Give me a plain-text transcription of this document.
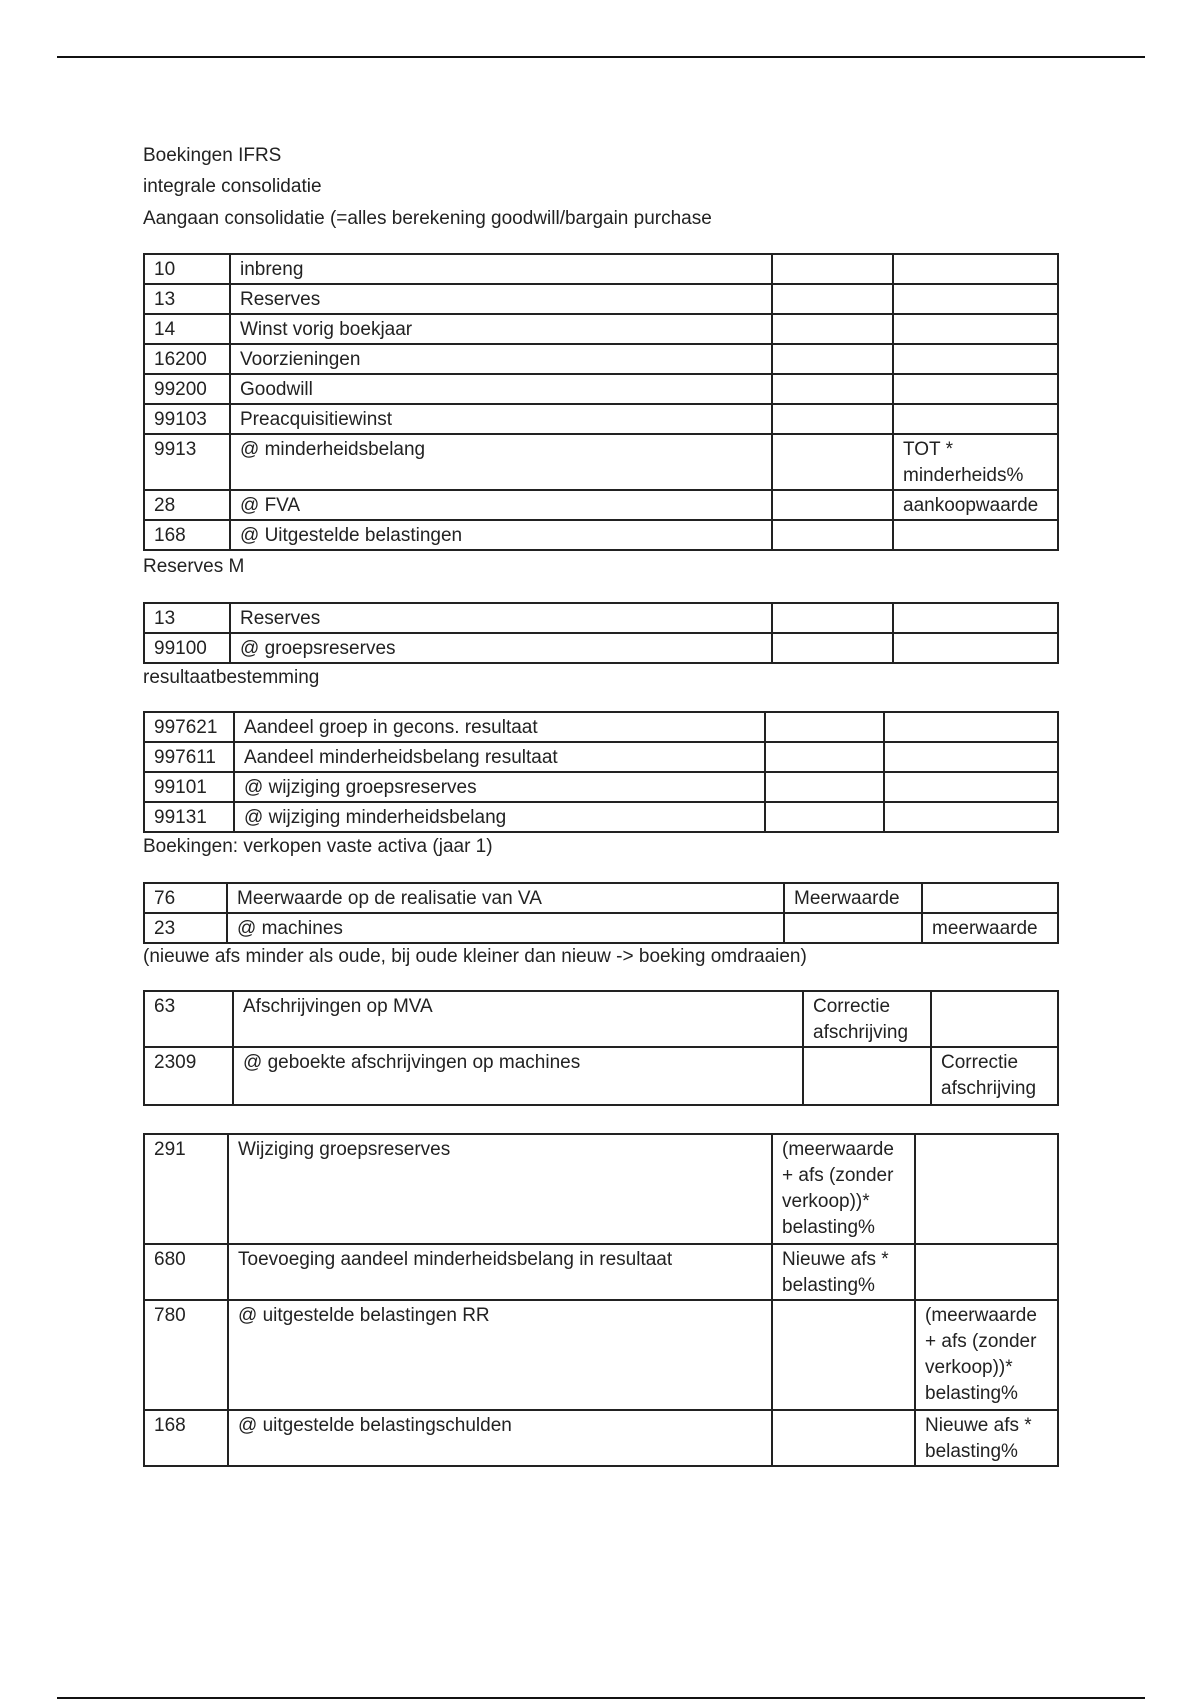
Boekingen IFRS
integrale consolidatie
Aangaan consolidatie (=alles berekening goodwill/bargain purchase
10	inbreng		
13	Reserves		
14	Winst vorig boekjaar		
16200	Voorzieningen		
99200	Goodwill		
99103	Preacquisitiewinst		
9913	@ minderheidsbelang		TOT * minderheids%
28	@ FVA		aankoopwaarde
168	@ Uitgestelde belastingen		
Reserves M
13	Reserves		
99100	@ groepsreserves		
resultaatbestemming
997621	Aandeel groep in gecons. resultaat		
997611	Aandeel minderheidsbelang resultaat		
99101	@ wijziging groepsreserves		
99131	@ wijziging minderheidsbelang		
Boekingen: verkopen vaste activa (jaar 1)
76	Meerwaarde op de realisatie van VA	Meerwaarde	
23	@ machines		meerwaarde
(nieuwe afs minder als oude, bij oude kleiner dan nieuw -> boeking omdraaien)
63	Afschrijvingen op MVA	Correctie afschrijving	
2309	@ geboekte afschrijvingen op machines		Correctie afschrijving
291	Wijziging groepsreserves	(meerwaarde + afs (zonder verkoop))* belasting%	
680	Toevoeging aandeel minderheidsbelang in resultaat	Nieuwe afs * belasting%	
780	@ uitgestelde belastingen RR		(meerwaarde + afs (zonder verkoop))* belasting%
168	@ uitgestelde belastingschulden		Nieuwe afs * belasting%
